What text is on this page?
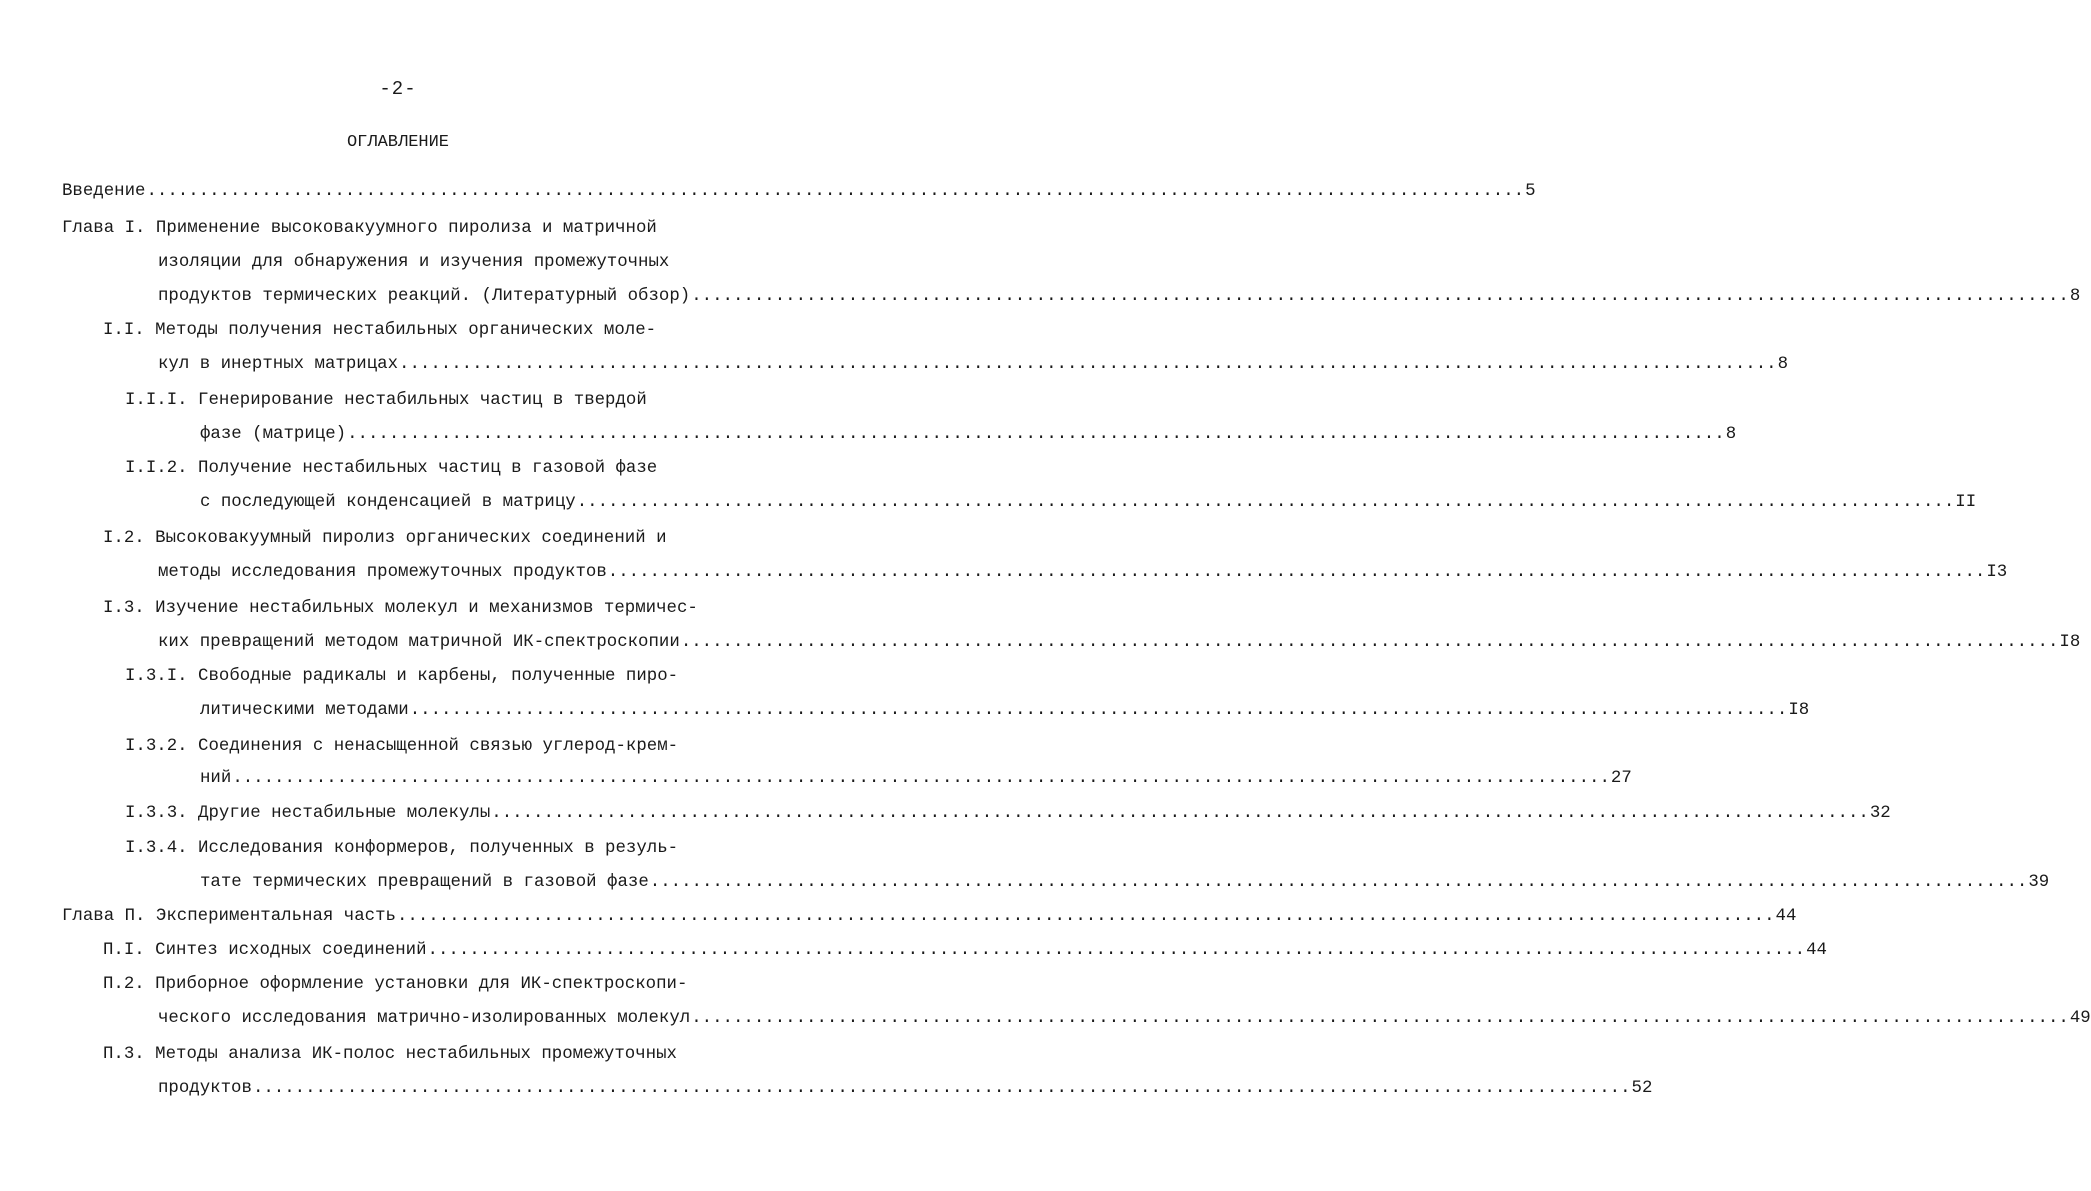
-2-
ОГЛАВЛЕНИЕ
Введение .................................................................................................................................... 5
Глава I. Применение высоковакуумного пиролиза и матричной
изоляции для обнаружения и изучения промежуточных
продуктов термических реакций. (Литературный обзор) .................................................................................................................................... 8
I.I. Методы получения нестабильных органических моле-
кул в инертных матрицах .................................................................................................................................... 8
I.I.I. Генерирование нестабильных частиц в твердой
фазе (матрице) .................................................................................................................................... 8
I.I.2. Получение нестабильных частиц в газовой фазе
с последующей конденсацией в матрицу .................................................................................................................................... II
I.2. Высоковакуумный пиролиз органических соединений и
методы исследования промежуточных продуктов .................................................................................................................................... I3
I.3. Изучение нестабильных молекул и механизмов термичес-
ких превращений методом матричной ИК-спектроскопии .................................................................................................................................... I8
I.3.I. Свободные радикалы и карбены, полученные пиро-
литическими методами .................................................................................................................................... I8
I.3.2. Соединения с ненасыщенной связью углерод-крем-
ний .................................................................................................................................... 27
I.3.3. Другие нестабильные молекулы .................................................................................................................................... 32
I.3.4. Исследования конформеров, полученных в резуль-
тате термических превращений в газовой фазе .................................................................................................................................... 39
Глава П. Экспериментальная часть .................................................................................................................................... 44
П.I. Синтез исходных соединений .................................................................................................................................... 44
П.2. Приборное оформление установки для ИК-спектроскопи-
ческого исследования матрично-изолированных молекул .................................................................................................................................... 49
П.3. Методы анализа ИК-полос нестабильных промежуточных
продуктов .................................................................................................................................... 52
